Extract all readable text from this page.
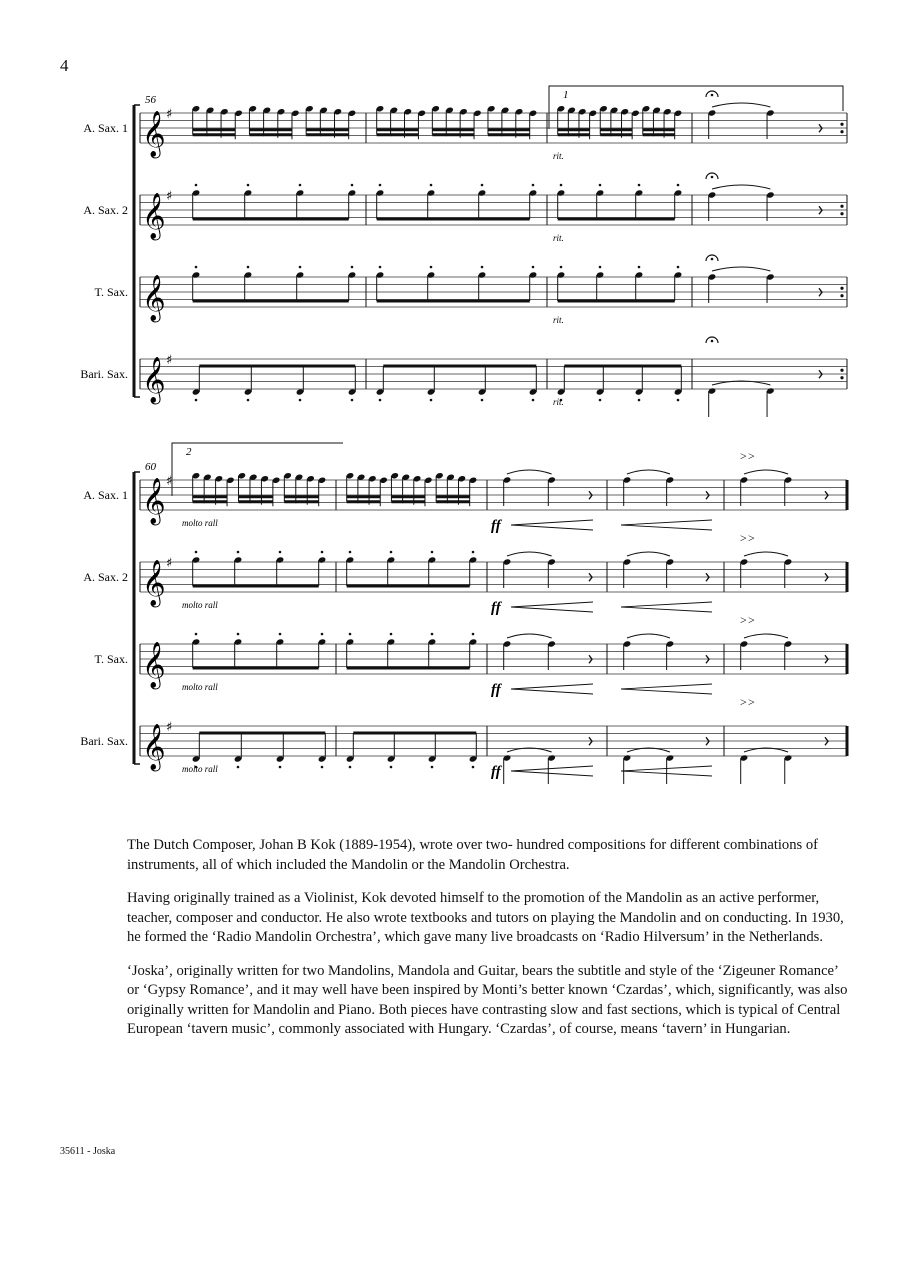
4
56	1
A. Sax. 1 𝄞 ♯
rit.
A. Sax. 2 𝄞 ♯
rit.
T. Sax. 𝄞	rit.
Bari. Sax. 𝄞 ♯
rit.
60
2
A. Sax. 1 𝄞 ♯
> >
molto rall	ff
A. Sax. 2 𝄞 ♯
> >
molto rall	ff
T. Sax. 𝄞
> >
molto rall	ff
Bari. Sax. 𝄞 ♯
> >
molto rall	ff

The Dutch Composer, Johan B Kok (1889-1954), wrote over two- hundred compositions for different combinations of instruments, all of which included the Mandolin or the Mandolin Orchestra.

Having originally trained as a Violinist, Kok devoted himself to the promotion of the Mandolin as an active performer, teacher, composer and conductor. He also wrote textbooks and tutors on playing the Mandolin and on conducting. In 1930, he formed the ‘Radio Mandolin Orchestra’, which gave many live broadcasts on ‘Radio Hilversum’ in the Netherlands.

‘Joska’, originally written for two Mandolins, Mandola and Guitar, bears the subtitle and style of the ‘Zigeuner Romance’ or ‘Gypsy Romance’, and it may well have been inspired by Monti’s better known ‘Czardas’, which, significantly, was also originally written for Mandolin and Piano. Both pieces have contrasting slow and fast sections, which is typical of Central European ‘tavern music’, commonly associated with Hungary. ‘Czardas’, of course, means ‘tavern’ in Hungarian.

35611 - Joska
